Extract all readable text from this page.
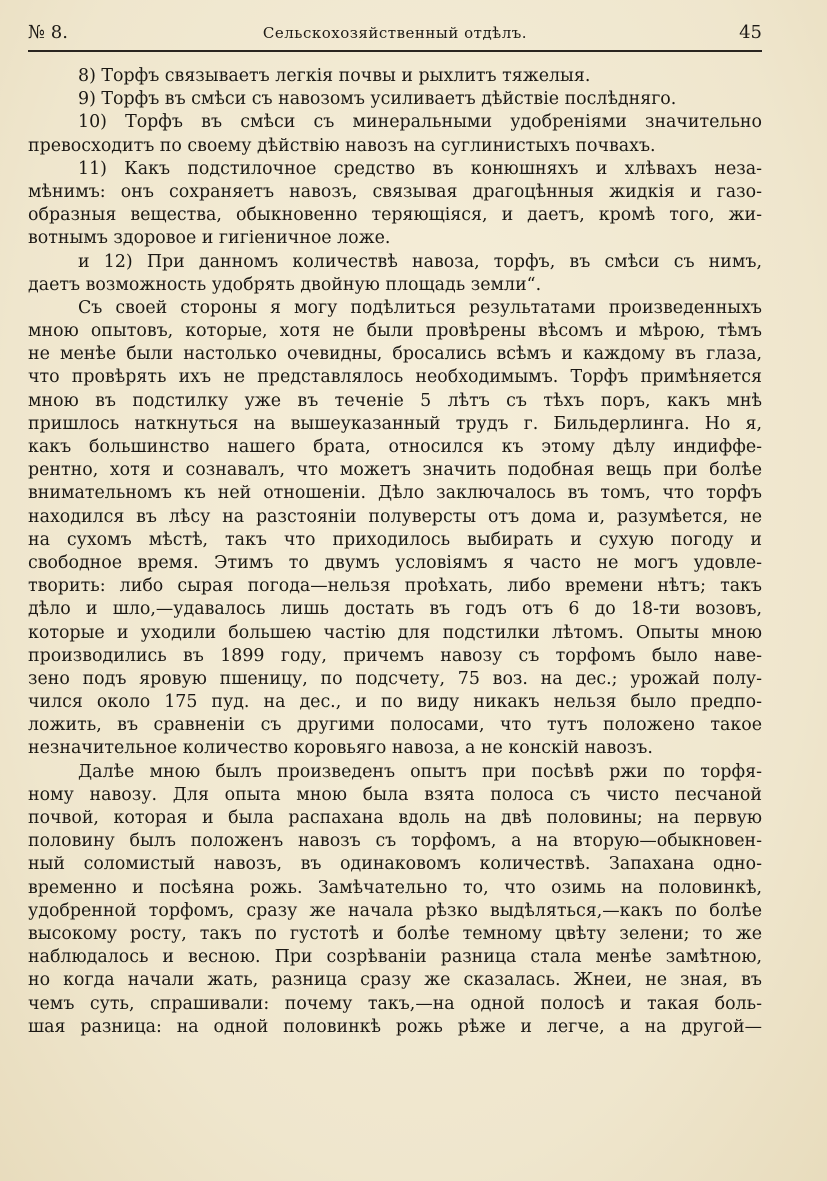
№ 8.	Сельскохозяйственный отдѣлъ.	45
8) Торфъ связываетъ легкія почвы и рыхлитъ тяжелыя.
9) Торфъ въ смѣси съ навозомъ усиливаетъ дѣйствіе послѣдняго.
10) Торфъ въ смѣси съ минеральными удобреніями значительно
превосходитъ по своему дѣйствію навозъ на суглинистыхъ почвахъ.
11) Какъ подстилочное средство въ конюшняхъ и хлѣвахъ неза-
мѣнимъ: онъ сохраняетъ навозъ, связывая драгоцѣнныя жидкія и газо-
образныя вещества, обыкновенно теряющіяся, и даетъ, кромѣ того, жи-
вотнымъ здоровое и гигіеничное ложе.
и 12) При данномъ количествѣ навоза, торфъ, въ смѣси съ нимъ,
даетъ возможность удобрять двойную площадь земли“.
Съ своей стороны я могу подѣлиться результатами произведенныхъ
мною опытовъ, которые, хотя не были провѣрены вѣсомъ и мѣрою, тѣмъ
не менѣе были настолько очевидны, бросались всѣмъ и каждому въ глаза,
что провѣрять ихъ не представлялось необходимымъ. Торфъ примѣняется
мною въ подстилку уже въ теченіе 5 лѣтъ съ тѣхъ поръ, какъ мнѣ
пришлось наткнуться на вышеуказанный трудъ г. Бильдерлинга. Но я,
какъ большинство нашего брата, относился къ этому дѣлу индиффе-
рентно, хотя и сознавалъ, что можетъ значить подобная вещь при болѣе
внимательномъ къ ней отношеніи. Дѣло заключалось въ томъ, что торфъ
находился въ лѣсу на разстояніи полуверсты отъ дома и, разумѣется, не
на сухомъ мѣстѣ, такъ что приходилось выбирать и сухую погоду и
свободное время. Этимъ то двумъ условіямъ я часто не могъ удовле-
творить: либо сырая погода—нельзя проѣхать, либо времени нѣтъ; такъ
дѣло и шло,—удавалось лишь достать въ годъ отъ 6 до 18-ти возовъ,
которые и уходили большею частію для подстилки лѣтомъ. Опыты мною
производились въ 1899 году, причемъ навозу съ торфомъ было наве-
зено подъ яровую пшеницу, по подсчету, 75 воз. на дес.; урожай полу-
чился около 175 пуд. на дес., и по виду никакъ нельзя было предпо-
ложить, въ сравненіи съ другими полосами, что тутъ положено такое
незначительное количество коровьяго навоза, а не конскій навозъ.
Далѣе мною былъ произведенъ опытъ при посѣвѣ ржи по торфя-
ному навозу. Для опыта мною была взята полоса съ чисто песчаной
почвой, которая и была распахана вдоль на двѣ половины; на первую
половину былъ положенъ навозъ съ торфомъ, а на вторую—обыкновен-
ный соломистый навозъ, въ одинаковомъ количествѣ. Запахана одно-
временно и посѣяна рожь. Замѣчательно то, что озимь на половинкѣ,
удобренной торфомъ, сразу же начала рѣзко выдѣляться,—какъ по болѣе
высокому росту, такъ по густотѣ и болѣе темному цвѣту зелени; то же
наблюдалось и весною. При созрѣваніи разница стала менѣе замѣтною,
но когда начали жать, разница сразу же сказалась. Жнеи, не зная, въ
чемъ суть, спрашивали: почему такъ,—на одной полосѣ и такая боль-
шая разница: на одной половинкѣ рожь рѣже и легче, а на другой—
